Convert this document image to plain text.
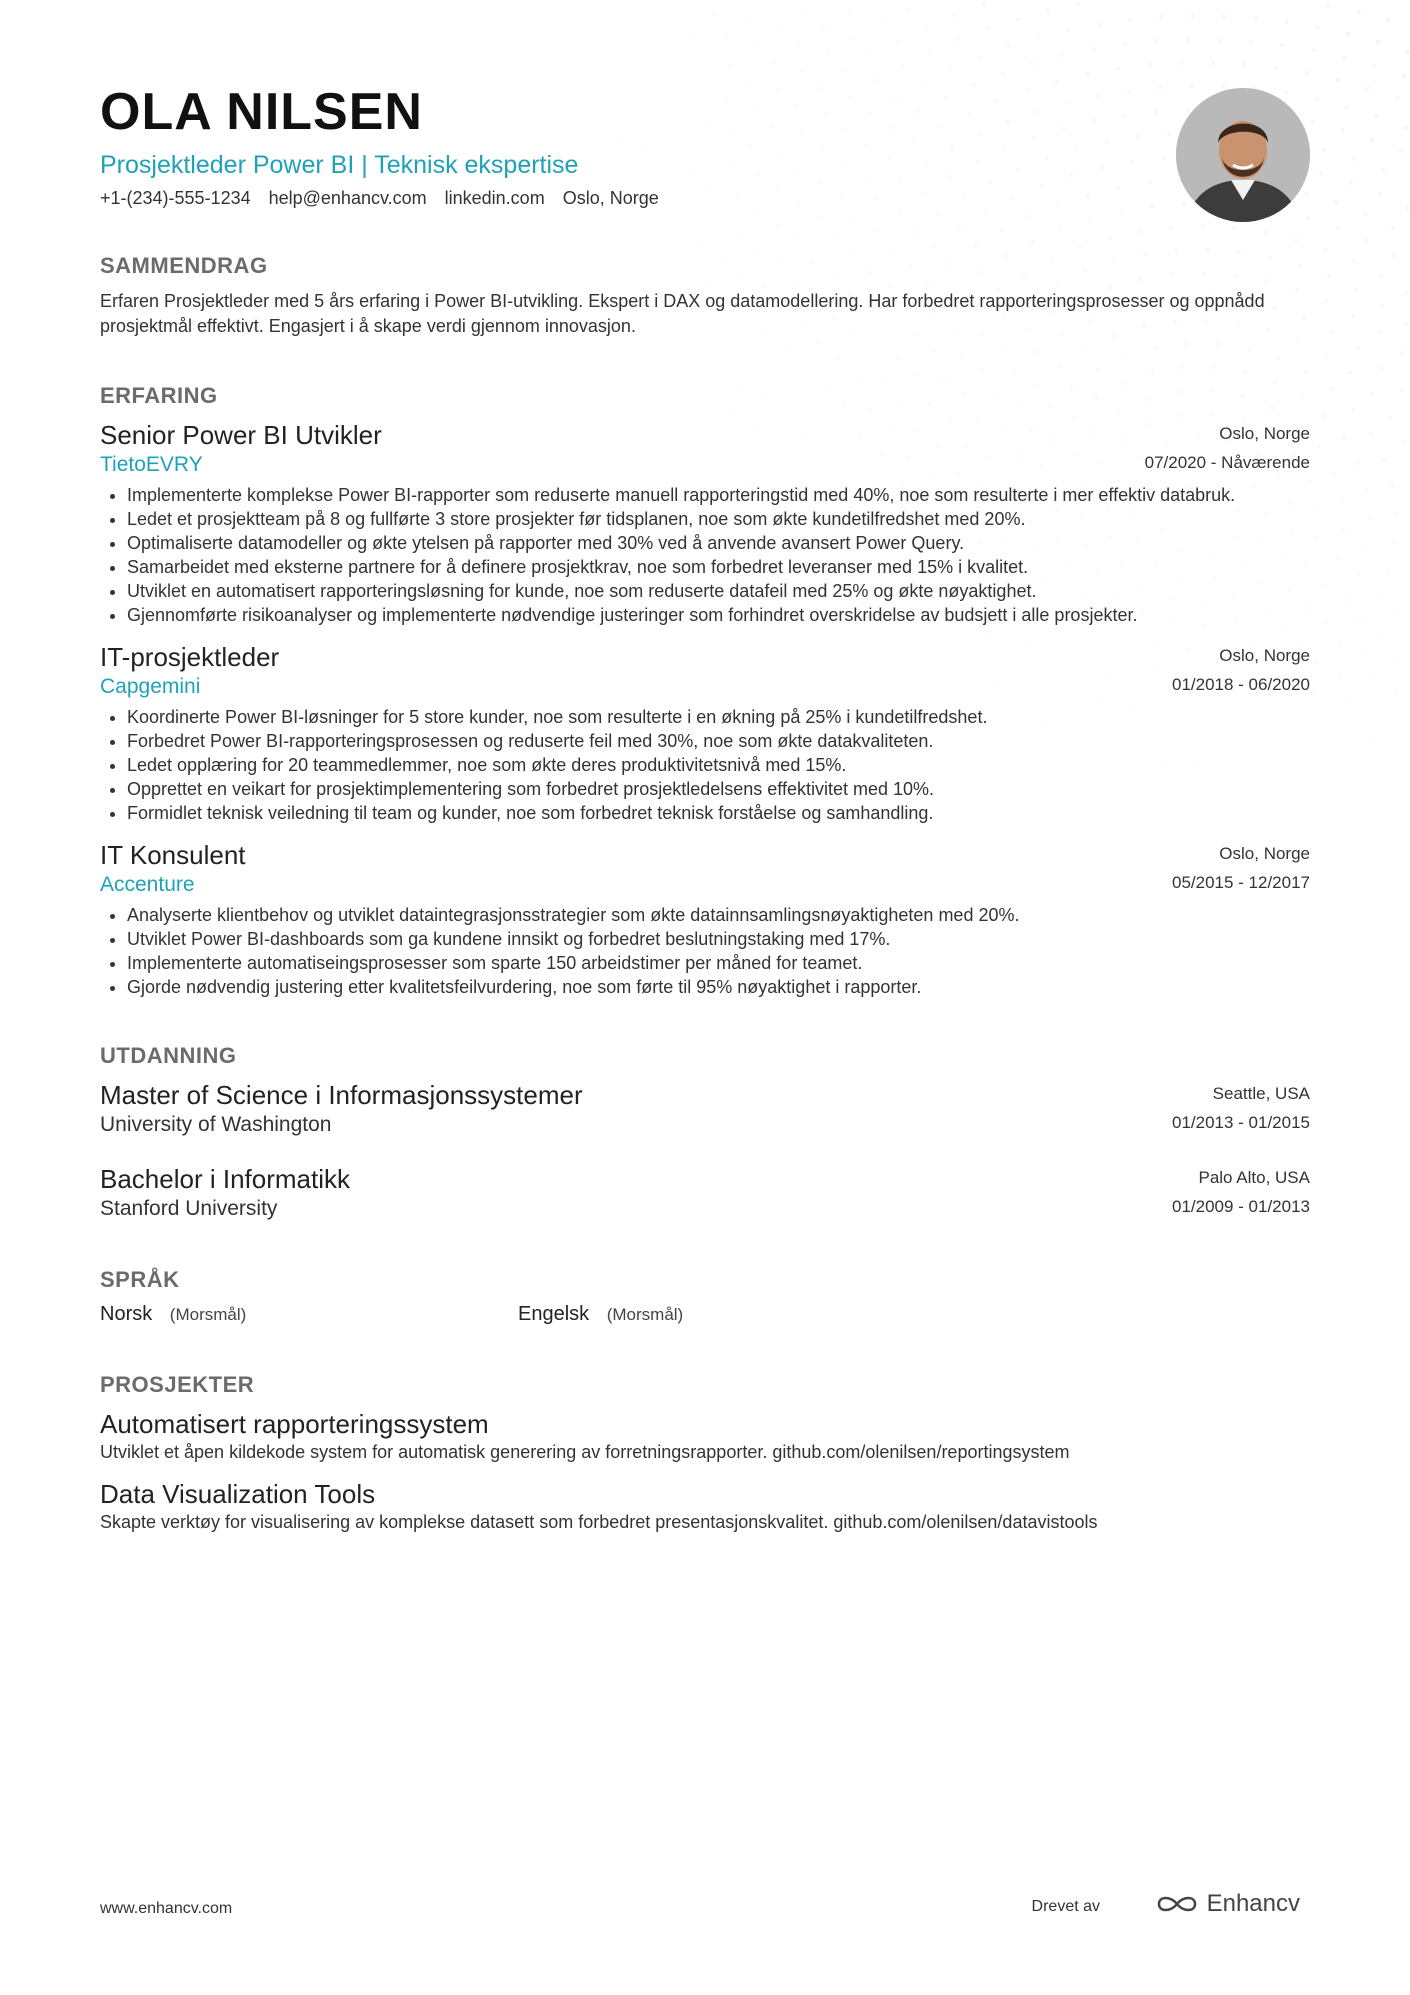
OLA NILSEN
Prosjektleder Power BI | Teknisk ekspertise
+1-(234)-555-1234 help@enhancv.com linkedin.com Oslo, Norge
SAMMENDRAG

Erfaren Prosjektleder med 5 års erfaring i Power BI-utvikling. Ekspert i DAX og datamodellering. Har forbedret rapporteringsprosesser og oppnådd prosjektmål effektivt. Engasjert i å skape verdi gjennom innovasjon.

ERFARING
Senior Power BI Utvikler
TietoEVRY
Oslo, Norge
07/2020 - Nåværende
• Implementerte komplekse Power BI-rapporter som reduserte manuell rapporteringstid med 40%, noe som resulterte i mer effektiv databruk.
• Ledet et prosjektteam på 8 og fullførte 3 store prosjekter før tidsplanen, noe som økte kundetilfredshet med 20%.
• Optimaliserte datamodeller og økte ytelsen på rapporter med 30% ved å anvende avansert Power Query.
• Samarbeidet med eksterne partnere for å definere prosjektkrav, noe som forbedret leveranser med 15% i kvalitet.
• Utviklet en automatisert rapporteringsløsning for kunde, noe som reduserte datafeil med 25% og økte nøyaktighet.
• Gjennomførte risikoanalyser og implementerte nødvendige justeringer som forhindret overskridelse av budsjett i alle prosjekter.
IT-prosjektleder
Capgemini
Oslo, Norge
01/2018 - 06/2020
• Koordinerte Power BI-løsninger for 5 store kunder, noe som resulterte i en økning på 25% i kundetilfredshet.
• Forbedret Power BI-rapporteringsprosessen og reduserte feil med 30%, noe som økte datakvaliteten.
• Ledet opplæring for 20 teammedlemmer, noe som økte deres produktivitetsnivå med 15%.
• Opprettet en veikart for prosjektimplementering som forbedret prosjektledelsens effektivitet med 10%.
• Formidlet teknisk veiledning til team og kunder, noe som forbedret teknisk forståelse og samhandling.
IT Konsulent
Accenture
Oslo, Norge
05/2015 - 12/2017
• Analyserte klientbehov og utviklet dataintegrasjonsstrategier som økte datainnsamlingsnøyaktigheten med 20%.
• Utviklet Power BI-dashboards som ga kundene innsikt og forbedret beslutningstaking med 17%.
• Implementerte automatiseingsprosesser som sparte 150 arbeidstimer per måned for teamet.
• Gjorde nødvendig justering etter kvalitetsfeilvurdering, noe som førte til 95% nøyaktighet i rapporter.
UTDANNING
Master of Science i Informasjonssystemer
University of Washington
Seattle, USA
01/2013 - 01/2015
Bachelor i Informatikk
Stanford University
Palo Alto, USA
01/2009 - 01/2013
SPRÅK
Norsk (Morsmål)	Engelsk (Morsmål)
PROSJEKTER
Automatisert rapporteringssystem
Utviklet et åpen kildekode system for automatisk generering av forretningsrapporter. github.com/olenilsen/reportingsystem
Data Visualization Tools
Skapte verktøy for visualisering av komplekse datasett som forbedret presentasjonskvalitet. github.com/olenilsen/datavistools
www.enhancv.com	Drevet av	Enhancv
